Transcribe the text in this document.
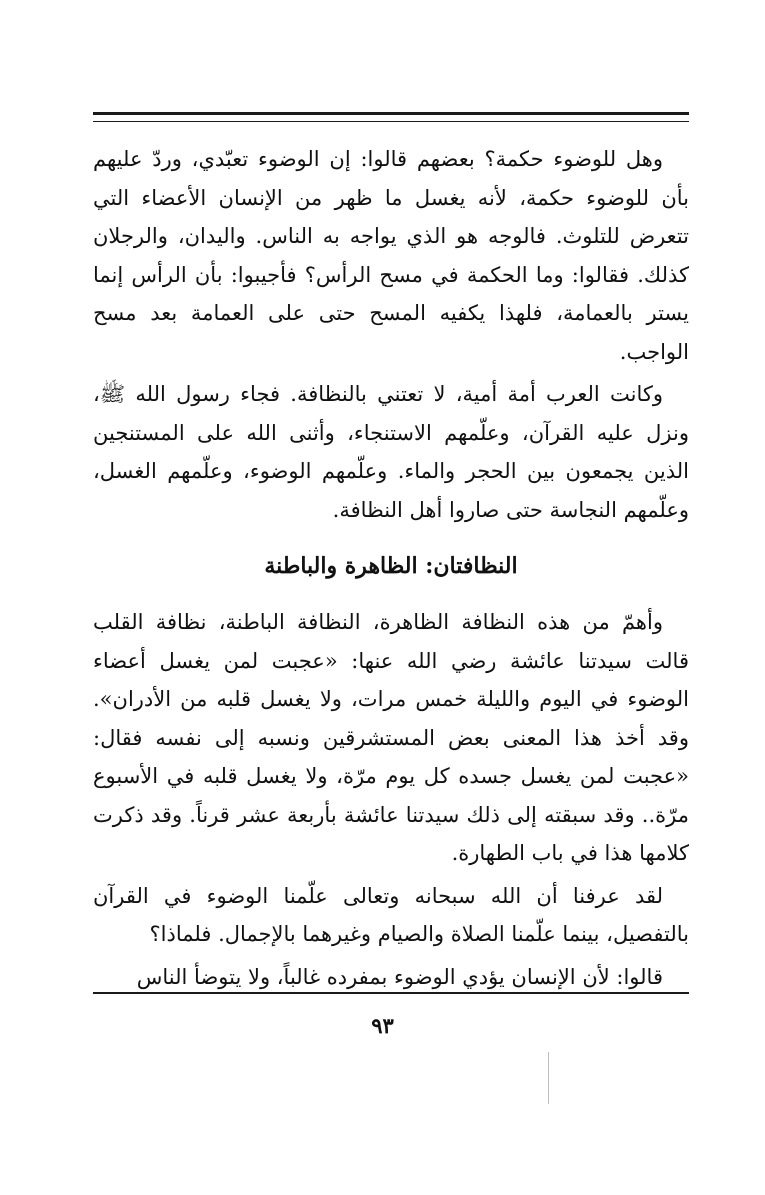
وهل للوضوء حكمة؟ بعضهم قالوا: إن الوضوء تعبّدي، وردّ عليهم بأن للوضوء حكمة، لأنه يغسل ما ظهر من الإنسان الأعضاء التي تتعرض للتلوث. فالوجه هو الذي يواجه به الناس. واليدان، والرجلان كذلك. فقالوا: وما الحكمة في مسح الرأس؟ فأجيبوا: بأن الرأس إنما يستر بالعمامة، فلهذا يكفيه المسح حتى على العمامة بعد مسح الواجب.

وكانت العرب أمة أمية، لا تعتني بالنظافة. فجاء رسول الله ﷺ، ونزل عليه القرآن، وعلّمهم الاستنجاء، وأثنى الله على المستنجين الذين يجمعون بين الحجر والماء. وعلّمهم الوضوء، وعلّمهم الغسل، وعلّمهم النجاسة حتى صاروا أهل النظافة.

النظافتان: الظاهرة والباطنة

وأهمّ من هذه النظافة الظاهرة، النظافة الباطنة، نظافة القلب قالت سيدتنا عائشة رضي الله عنها: «عجبت لمن يغسل أعضاء الوضوء في اليوم والليلة خمس مرات، ولا يغسل قلبه من الأدران». وقد أخذ هذا المعنى بعض المستشرقين ونسبه إلى نفسه فقال: «عجبت لمن يغسل جسده كل يوم مرّة، ولا يغسل قلبه في الأسبوع مرّة.. وقد سبقته إلى ذلك سيدتنا عائشة بأربعة عشر قرناً. وقد ذكرت كلامها هذا في باب الطهارة.

لقد عرفنا أن الله سبحانه وتعالى علّمنا الوضوء في القرآن بالتفصيل، بينما علّمنا الصلاة والصيام وغيرهما بالإجمال. فلماذا؟

قالوا: لأن الإنسان يؤدي الوضوء بمفرده غالباً، ولا يتوضأ الناس

٩٣
